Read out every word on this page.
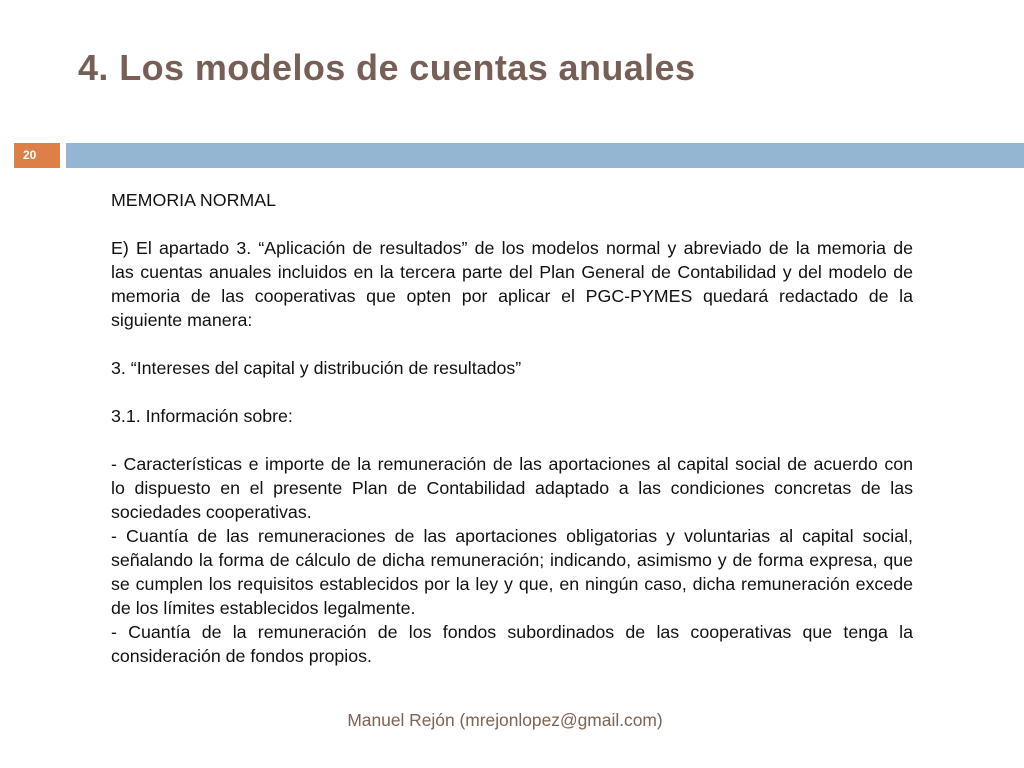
4. Los modelos de cuentas anuales
20
MEMORIA NORMAL
E) El apartado 3. “Aplicación de resultados” de los modelos normal y abreviado de la memoria de
las cuentas anuales incluidos en la tercera parte del Plan General de Contabilidad y del modelo de
memoria de las cooperativas que opten por aplicar el PGC-PYMES quedará redactado de la
siguiente manera:
3. “Intereses del capital y distribución de resultados”
3.1. Información sobre:
- Características e importe de la remuneración de las aportaciones al capital social de acuerdo con
lo dispuesto en el presente Plan de Contabilidad adaptado a las condiciones concretas de las
sociedades cooperativas.
- Cuantía de las remuneraciones de las aportaciones obligatorias y voluntarias al capital social,
señalando la forma de cálculo de dicha remuneración; indicando, asimismo y de forma expresa, que
se cumplen los requisitos establecidos por la ley y que, en ningún caso, dicha remuneración excede
de los límites establecidos legalmente.
- Cuantía de la remuneración de los fondos subordinados de las cooperativas que tenga la
consideración de fondos propios.
Manuel Rejón (mrejonlopez@gmail.com)
